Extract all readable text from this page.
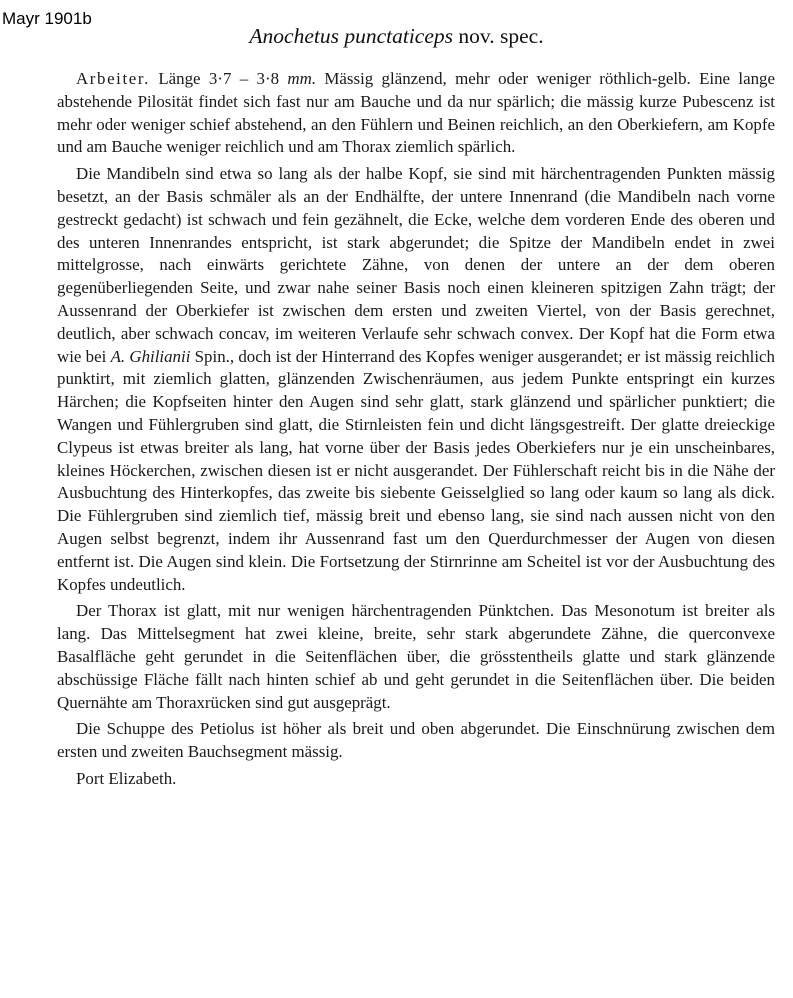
Mayr 1901b
Anochetus punctaticeps nov. spec.

Arbeiter. Länge 3·7 – 3·8 mm. Mässig glänzend, mehr oder weniger röthlich-gelb. Eine lange abstehende Pilosität findet sich fast nur am Bauche und da nur spärlich; die mässig kurze Pubescenz ist mehr oder weniger schief abstehend, an den Fühlern und Beinen reichlich, an den Oberkiefern, am Kopfe und am Bauche weniger reichlich und am Thorax ziemlich spärlich.

Die Mandibeln sind etwa so lang als der halbe Kopf, sie sind mit härchentragenden Punkten mässig besetzt, an der Basis schmäler als an der Endhälfte, der untere Innenrand (die Mandibeln nach vorne gestreckt gedacht) ist schwach und fein gezähnelt, die Ecke, welche dem vorderen Ende des oberen und des unteren Innenrandes entspricht, ist stark abgerundet; die Spitze der Mandibeln endet in zwei mittelgrosse, nach einwärts gerichtete Zähne, von denen der untere an der dem oberen gegenüberliegenden Seite, und zwar nahe seiner Basis noch einen kleineren spitzigen Zahn trägt; der Aussenrand der Oberkiefer ist zwischen dem ersten und zweiten Viertel, von der Basis gerechnet, deutlich, aber schwach concav, im weiteren Verlaufe sehr schwach convex. Der Kopf hat die Form etwa wie bei A. Ghilianii Spin., doch ist der Hinterrand des Kopfes weniger ausgerandet; er ist mässig reichlich punktirt, mit ziemlich glatten, glänzenden Zwischenräumen, aus jedem Punkte entspringt ein kurzes Härchen; die Kopfseiten hinter den Augen sind sehr glatt, stark glänzend und spärlicher punktiert; die Wangen und Fühlergruben sind glatt, die Stirnleisten fein und dicht längsgestreift. Der glatte dreieckige Clypeus ist etwas breiter als lang, hat vorne über der Basis jedes Oberkiefers nur je ein unscheinbares, kleines Höckerchen, zwischen diesen ist er nicht ausgerandet. Der Fühlerschaft reicht bis in die Nähe der Ausbuchtung des Hinterkopfes, das zweite bis siebente Geisselglied so lang oder kaum so lang als dick. Die Fühlergruben sind ziemlich tief, mässig breit und ebenso lang, sie sind nach aussen nicht von den Augen selbst begrenzt, indem ihr Aussenrand fast um den Querdurchmesser der Augen von diesen entfernt ist. Die Augen sind klein. Die Fortsetzung der Stirnrinne am Scheitel ist vor der Ausbuchtung des Kopfes undeutlich.

Der Thorax ist glatt, mit nur wenigen härchentragenden Pünktchen. Das Mesonotum ist breiter als lang. Das Mittelsegment hat zwei kleine, breite, sehr stark abgerundete Zähne, die querconvexe Basalfläche geht gerundet in die Seitenflächen über, die grösstentheils glatte und stark glänzende abschüssige Fläche fällt nach hinten schief ab und geht gerundet in die Seitenflächen über. Die beiden Quernähte am Thoraxrücken sind gut ausgeprägt.

Die Schuppe des Petiolus ist höher als breit und oben abgerundet. Die Einschnürung zwischen dem ersten und zweiten Bauchsegment mässig.

Port Elizabeth.
